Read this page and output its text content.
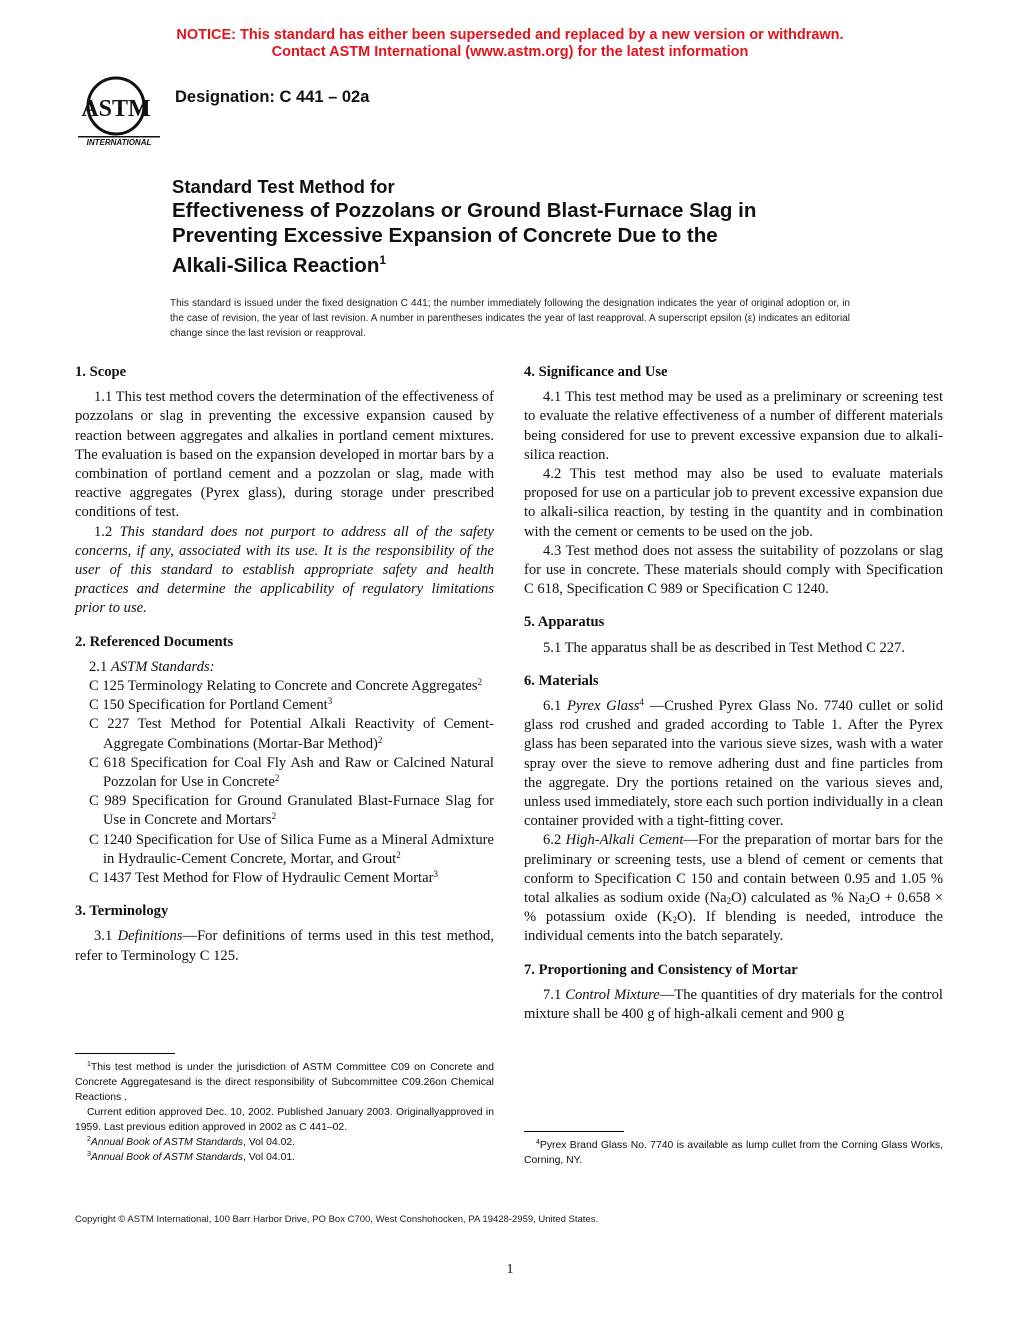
NOTICE: This standard has either been superseded and replaced by a new version or withdrawn.
Contact ASTM International (www.astm.org) for the latest information
ASTM
INTERNATIONAL
Designation: C 441 – 02a
Standard Test Method for
Effectiveness of Pozzolans or Ground Blast-Furnace Slag in
Preventing Excessive Expansion of Concrete Due to the
Alkali-Silica Reaction$^1$
This standard is issued under the fixed designation C 441; the number immediately following the designation indicates the year of original adoption or, in the case of revision, the year of last revision. A number in parentheses indicates the year of last reapproval. A superscript epsilon (ε) indicates an editorial change since the last revision or reapproval.
1. Scope

1.1 This test method covers the determination of the effectiveness of pozzolans or slag in preventing the excessive expansion caused by reaction between aggregates and alkalies in portland cement mixtures. The evaluation is based on the expansion developed in mortar bars by a combination of portland cement and a pozzolan or slag, made with reactive aggregates (Pyrex glass), during storage under prescribed conditions of test.

1.2 This standard does not purport to address all of the safety concerns, if any, associated with its use. It is the responsibility of the user of this standard to establish appropriate safety and health practices and determine the applicability of regulatory limitations prior to use.

2. Referenced Documents
2.1 ASTM Standards:
C 125 Terminology Relating to Concrete and Concrete Aggregates$^2$
C 150 Specification for Portland Cement$^3$
C 227 Test Method for Potential Alkali Reactivity of Cement-Aggregate Combinations (Mortar-Bar Method)$^2$
C 618 Specification for Coal Fly Ash and Raw or Calcined Natural Pozzolan for Use in Concrete$^2$
C 989 Specification for Ground Granulated Blast-Furnace Slag for Use in Concrete and Mortars$^2$
C 1240 Specification for Use of Silica Fume as a Mineral Admixture in Hydraulic-Cement Concrete, Mortar, and Grout$^2$
C 1437 Test Method for Flow of Hydraulic Cement Mortar$^3$
3. Terminology

3.1 Definitions—For definitions of terms used in this test method, refer to Terminology C 125.

$^1$This test method is under the jurisdiction of ASTM Committee C09 on Concrete and Concrete Aggregatesand is the direct responsibility of Subcommittee C09.26on Chemical Reactions .

Current edition approved Dec. 10, 2002. Published January 2003. Originallyapproved in 1959. Last previous edition approved in 2002 as C 441–02.

$^2$Annual Book of ASTM Standards, Vol 04.02.

$^3$Annual Book of ASTM Standards, Vol 04.01.

4. Significance and Use

4.1 This test method may be used as a preliminary or screening test to evaluate the relative effectiveness of a number of different materials being considered for use to prevent excessive expansion due to alkali-silica reaction.

4.2 This test method may also be used to evaluate materials proposed for use on a particular job to prevent excessive expansion due to alkali-silica reaction, by testing in the quantity and in combination with the cement or cements to be used on the job.

4.3 Test method does not assess the suitability of pozzolans or slag for use in concrete. These materials should comply with Specification C 618, Specification C 989 or Specification C 1240.

5. Apparatus

5.1 The apparatus shall be as described in Test Method C 227.

6. Materials

6.1 Pyrex Glass$^4$ —Crushed Pyrex Glass No. 7740 cullet or solid glass rod crushed and graded according to Table 1. After the Pyrex glass has been separated into the various sieve sizes, wash with a water spray over the sieve to remove adhering dust and fine particles from the aggregate. Dry the portions retained on the various sieves and, unless used immediately, store each such portion individually in a clean container provided with a tight-fitting cover.

6.2 High-Alkali Cement—For the preparation of mortar bars for the preliminary or screening tests, use a blend of cement or cements that conform to Specification C 150 and contain between 0.95 and 1.05 % total alkalies as sodium oxide $(Na_2O)$ calculated as % $Na_2O + 0.658$ × % potassium oxide $(K_2O)$. If blending is needed, introduce the individual cements into the batch separately.

7. Proportioning and Consistency of Mortar

7.1 Control Mixture—The quantities of dry materials for the control mixture shall be 400 g of high-alkali cement and 900 g

$^4$Pyrex Brand Glass No. 7740 is available as lump cullet from the Corning Glass Works, Corning, NY.

Copyright © ASTM International, 100 Barr Harbor Drive, PO Box C700, West Conshohocken, PA 19428-2959, United States.
1
